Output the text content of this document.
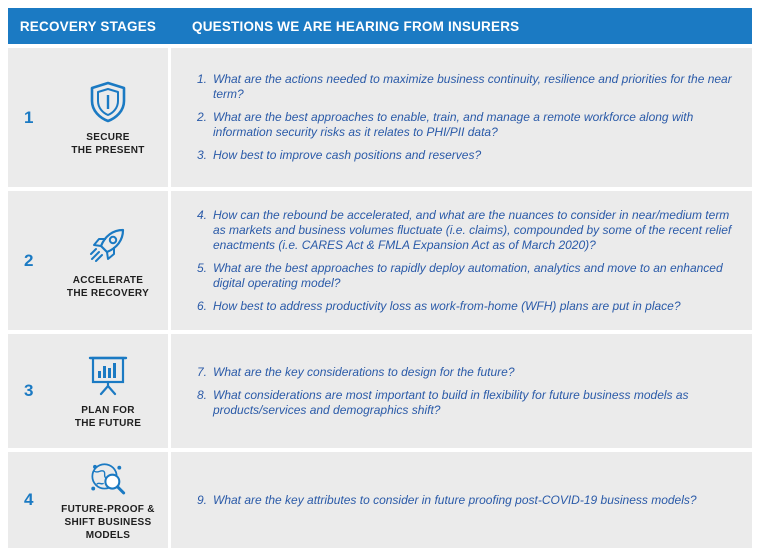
RECOVERY STAGES	QUESTIONS WE ARE HEARING FROM INSURERS
1
SECURE
THE PRESENT
1. What are the actions needed to maximize business continuity, resilience and priorities for the near term?
2. What are the best approaches to enable, train, and manage a remote workforce along with information security risks as it relates to PHI/PII data?
3. How best to improve cash positions and reserves?
2
ACCELERATE
THE RECOVERY
4. How can the rebound be accelerated, and what are the nuances to consider in near/medium term as markets and business volumes fluctuate (i.e. claims), compounded by some of the recent relief enactments (i.e. CARES Act & FMLA Expansion Act as of March 2020)?
5. What are the best approaches to rapidly deploy automation, analytics and move to an enhanced digital operating model?
6. How best to address productivity loss as work-from-home (WFH) plans are put in place?
3
PLAN FOR
THE FUTURE
7. What are the key considerations to design for the future?
8. What considerations are most important to build in flexibility for future business models as products/services and demographics shift?
4	FUTURE-PROOF &
SHIFT BUSINESS
MODELS
9. What are the key attributes to consider in future proofing post-COVID-19 business models?
